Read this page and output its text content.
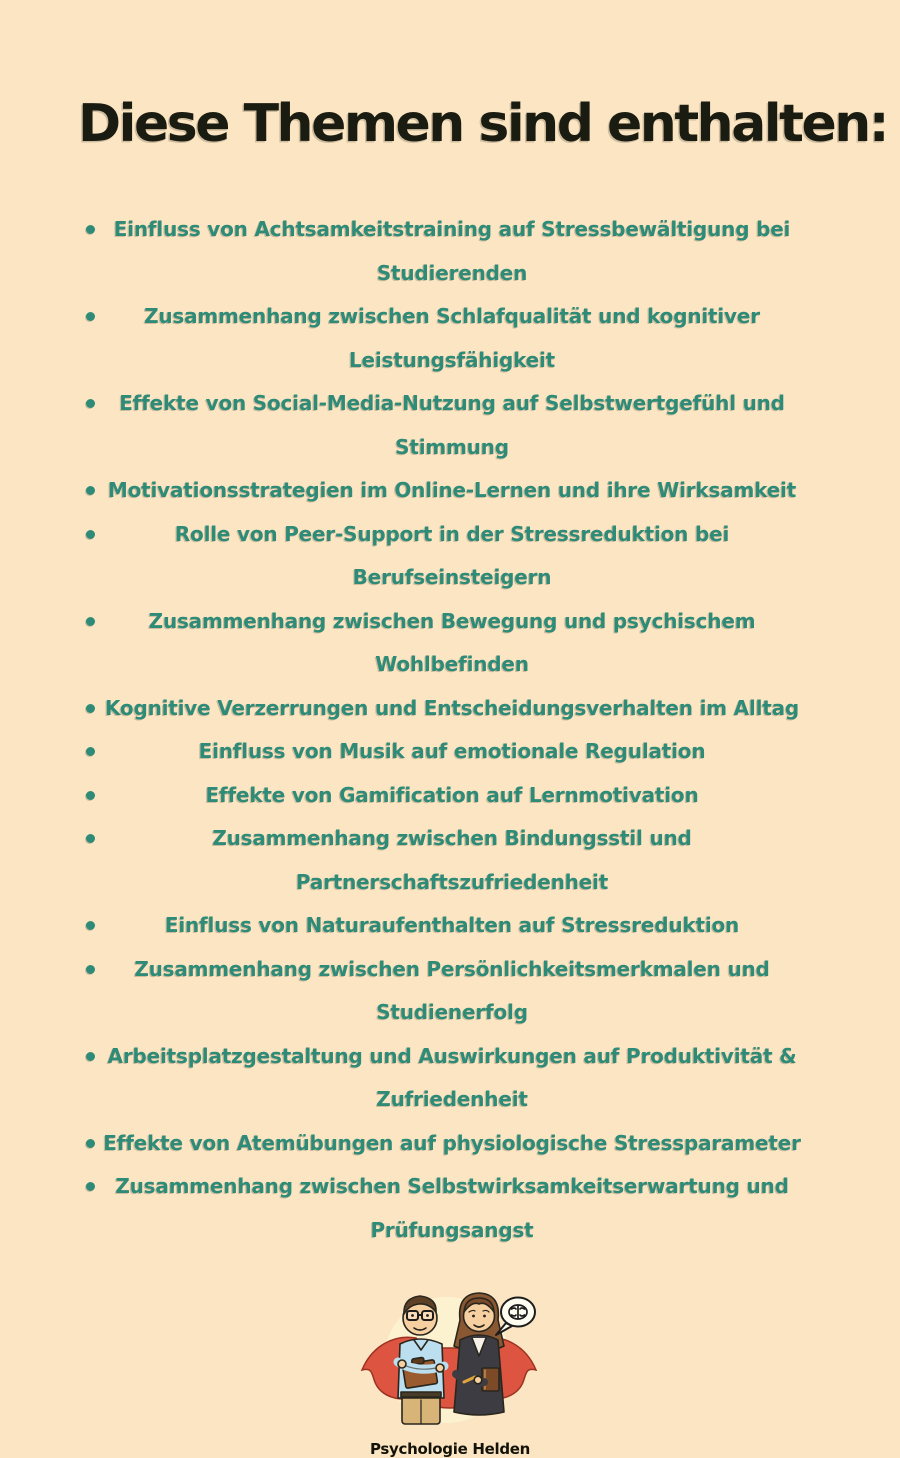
Diese Themen sind enthalten:
Einfluss von Achtsamkeitstraining auf Stressbewältigung bei Studierenden
Zusammenhang zwischen Schlafqualität und kognitiver Leistungsfähigkeit
Effekte von Social-Media-Nutzung auf Selbstwertgefühl und Stimmung
Motivationsstrategien im Online-Lernen und ihre Wirksamkeit
Rolle von Peer-Support in der Stressreduktion bei Berufseinsteigern
Zusammenhang zwischen Bewegung und psychischem Wohlbefinden
Kognitive Verzerrungen und Entscheidungsverhalten im Alltag
Einfluss von Musik auf emotionale Regulation
Effekte von Gamification auf Lernmotivation
Zusammenhang zwischen Bindungsstil und Partnerschaftszufriedenheit
Einfluss von Naturaufenthalten auf Stressreduktion
Zusammenhang zwischen Persönlichkeitsmerkmalen und Studienerfolg
Arbeitsplatzgestaltung und Auswirkungen auf Produktivität & Zufriedenheit
Effekte von Atemübungen auf physiologische Stressparameter
Zusammenhang zwischen Selbstwirksamkeitserwartung und Prüfungsangst
Psychologie Helden
